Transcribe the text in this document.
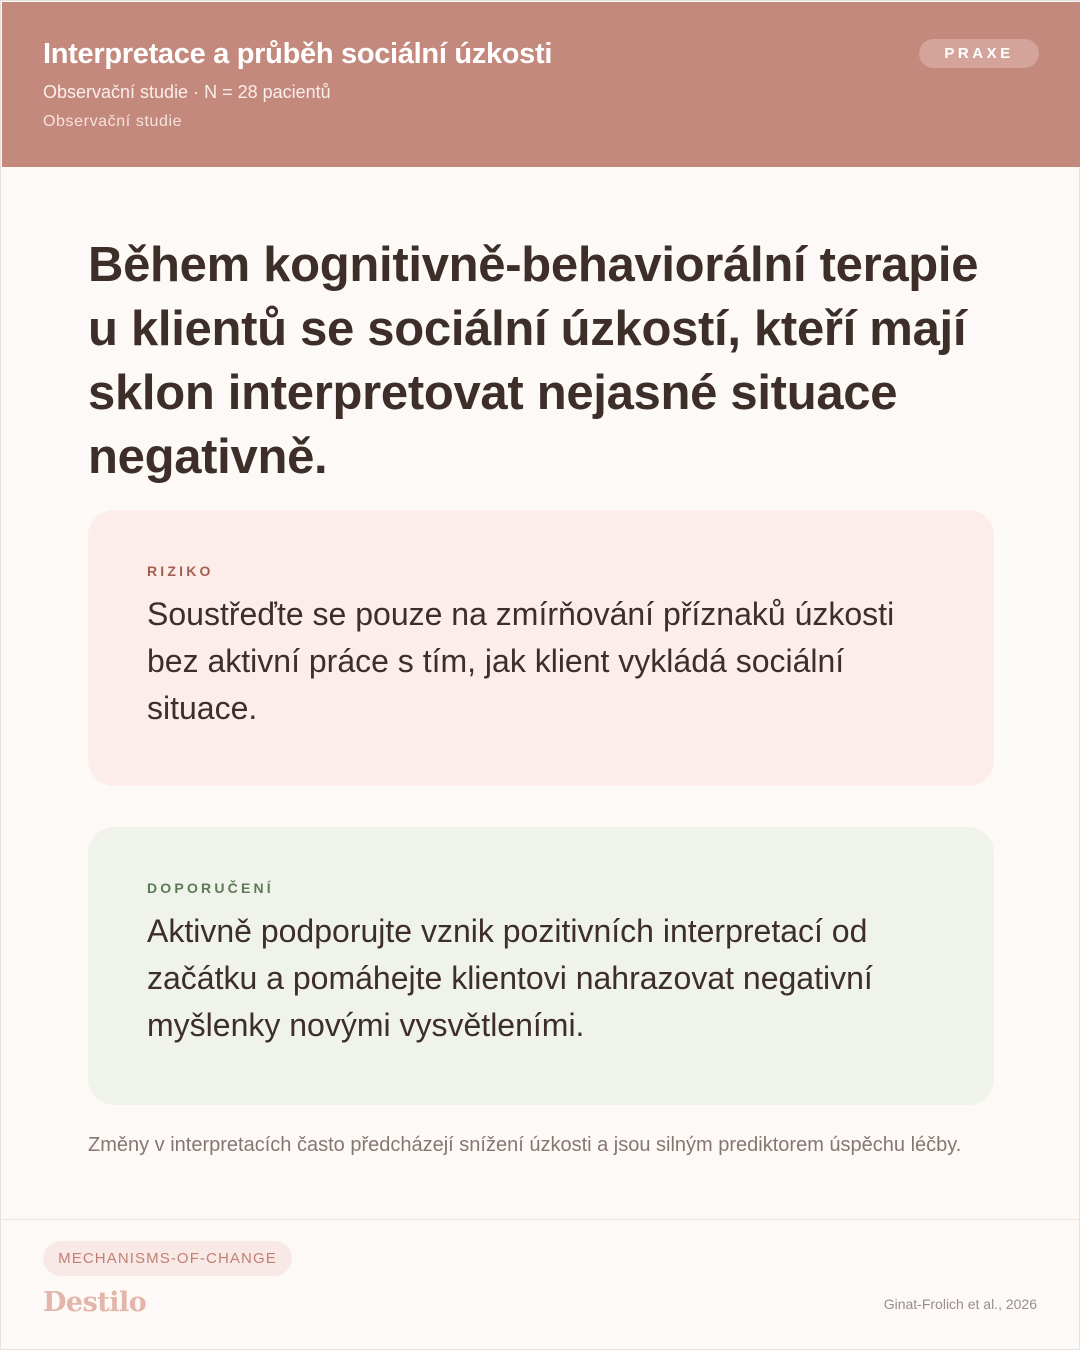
Interpretace a průběh sociální úzkosti
Observační studie · N = 28 pacientů
Observační studie
PRAXE
Během kognitivně-behaviorální terapie u klientů se sociální úzkostí, kteří mají sklon interpretovat nejasné situace negativně.
RIZIKO
Soustřeďte se pouze na zmírňování příznaků úzkosti bez aktivní práce s tím, jak klient vykládá sociální situace.
DOPORUČENÍ
Aktivně podporujte vznik pozitivních interpretací od začátku a pomáhejte klientovi nahrazovat negativní myšlenky novými vysvětleními.
Změny v interpretacích často předcházejí snížení úzkosti a jsou silným prediktorem úspěchu léčby.
MECHANISMS-OF-CHANGE
Destilo	Ginat-Frolich et al., 2026
